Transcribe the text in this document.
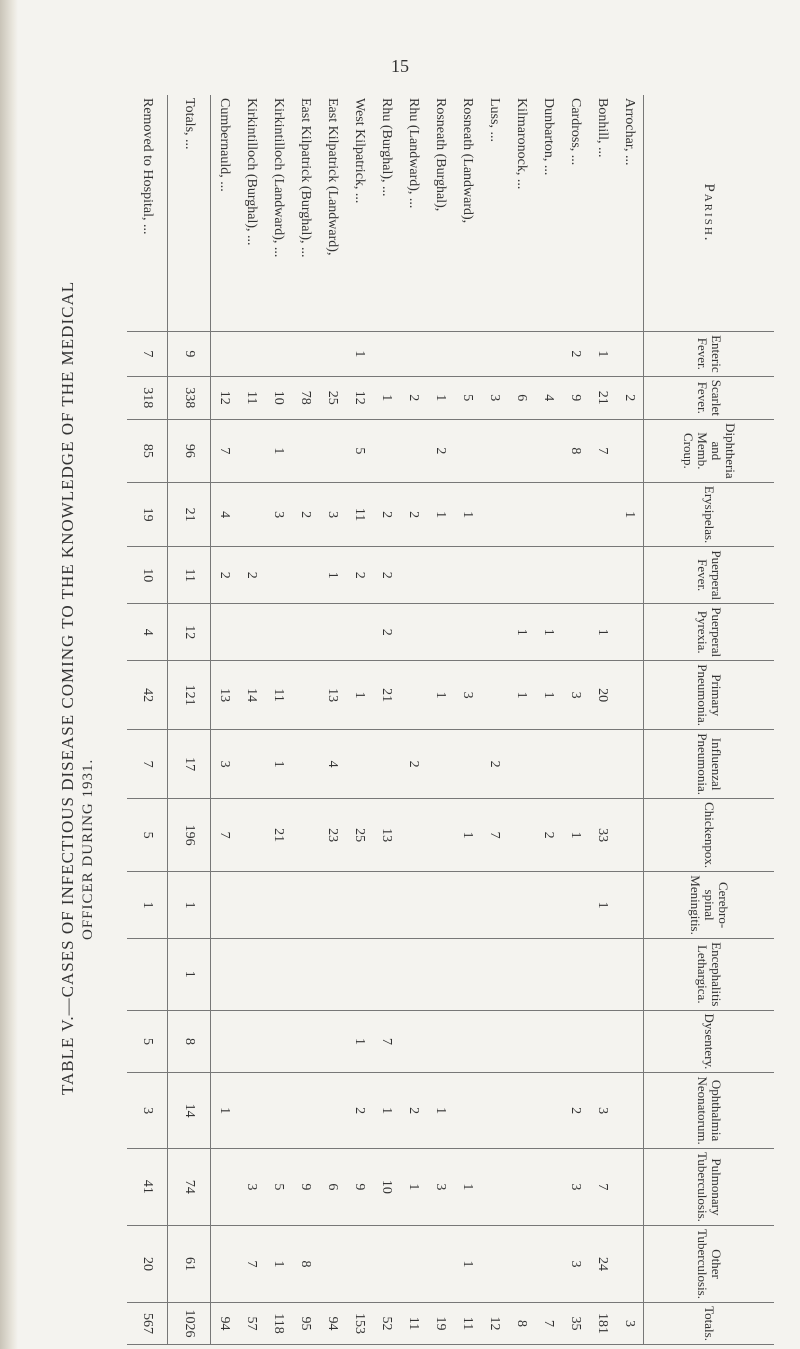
15
TABLE V.—CASES OF INFECTIOUS DISEASE COMING TO THE KNOWLEDGE OF THE MEDICAL OFFICER DURING 1931.
Parish.	Enteric Fever.	Scarlet Fever.	Diphtheria and Memb. Croup.	Erysipelas.	Puerperal Fever.	Puerperal Pyrexia.	Primary Pneumonia.	Influenzal Pneumonia.	Chickenpox.	Cerebro-spinal Meningitis.	Encephalitis Lethargica.	Dysentery.	Ophthalmia Neonatorum.	Pulmonary Tuberculosis.	Other Tuberculosis.	Totals.
Arrochar, ...		2		1												3
Bonhill, ...	1	21	7			1	20		33	1			3	7	24	181
Cardross, ...	2	9	8				3		1				2	3	3	35
Dunbarton, ...		4				1	1		2							7
Kilmaronock, ...		6				1	1									8
Luss, ...		3						2	7							12
Rosneath (Landward),		5		1			3		1					1	1	11
Rosneath (Burghal),		1	2	1			1						1	3		19
Rhu (Landward), ...		2		2				2					2	1		11
Rhu (Burghal), ...		1		2	2	2	21		13			7	1	10		52
West Kilpatrick, ...	1	12	5	11	2		1		25			1	2	9		153
East Kilpatrick (Landward),		25		3	1		13	4	23					6		94
East Kilpatrick (Burghal), ...		78		2										9	8	95
Kirkintilloch (Landward), ...		10	1	3			11	1	21					5	1	118
Kirkintilloch (Burghal), ...		11			2		14							3	7	57
Cumbernauld, ...		12	7	4	2		13	3	7				1			94
Totals, ...	9	338	96	21	11	12	121	17	196	1	1	8	14	74	61	1026
Removed to Hospital, ...	7	318	85	19	10	4	42	7	5	1		5	3	41	20	567
